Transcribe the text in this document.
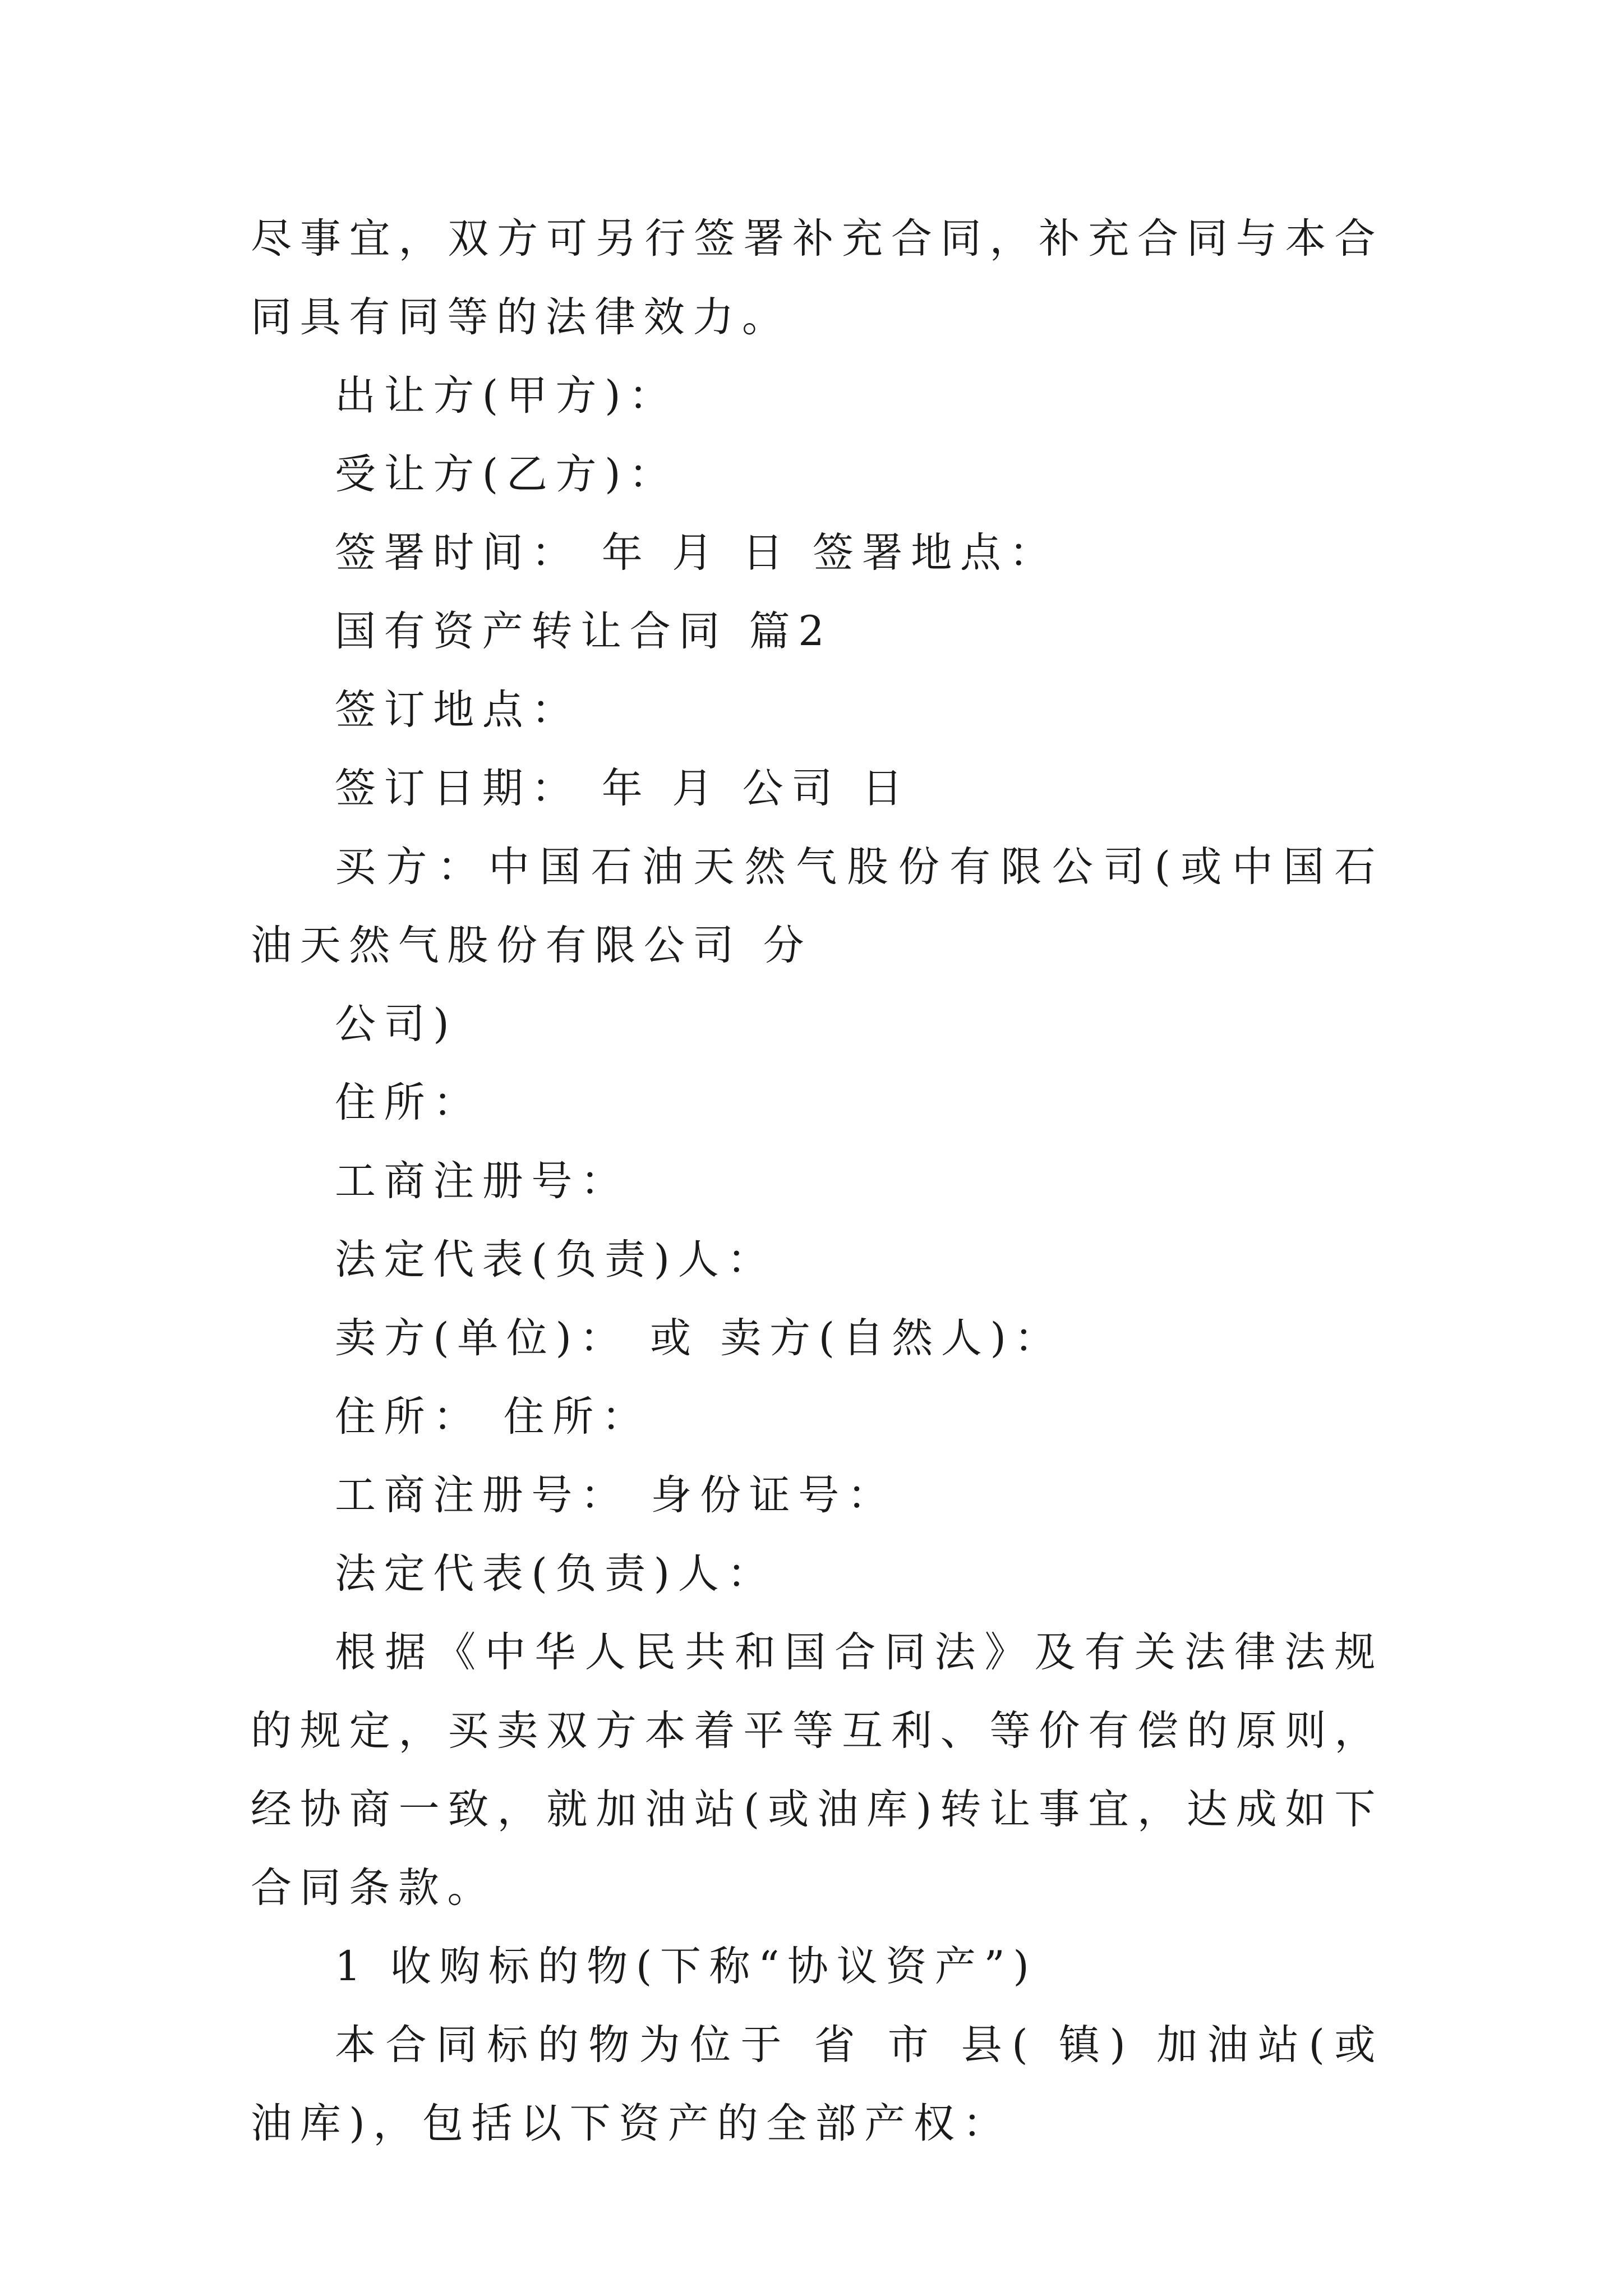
尽事宜，双方可另行签署补充合同，补充合同与本合同具有同等的法律效力。

出让方(甲方)：

受让方(乙方)：

签署时间： 年 月 日 签署地点：

国有资产转让合同 篇2

签订地点：

签订日期： 年 月 公司 日

买方：中国石油天然气股份有限公司(或中国石油天然气股份有限公司 分

公司)

住所：

工商注册号：

法定代表(负责)人：

卖方(单位)： 或 卖方(自然人)：

住所： 住所：

工商注册号： 身份证号：

法定代表(负责)人：

根据《中华人民共和国合同法》及有关法律法规的规定，买卖双方本着平等互利、等价有偿的原则，经协商一致，就加油站(或油库)转让事宜，达成如下合同条款。

1 收购标的物(下称“协议资产”)

本合同标的物为位于 省 市 县( 镇) 加油站(或油库)，包括以下资产的全部产权：
